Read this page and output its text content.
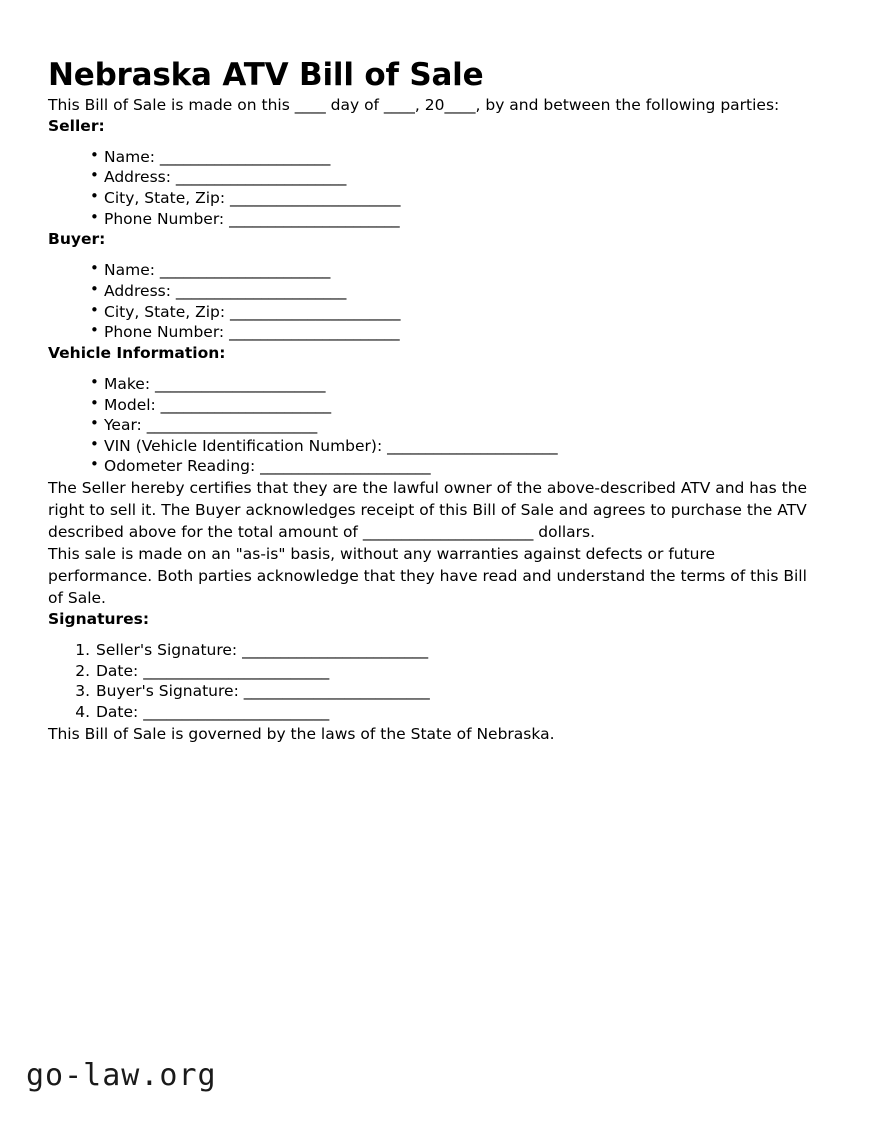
Nebraska ATV Bill of Sale

This Bill of Sale is made on this ____ day of ____, 20____, by and between the following parties:

Seller:
• Name: ______________________
• Address: ______________________
• City, State, Zip: ______________________
• Phone Number: ______________________
Buyer:
• Name: ______________________
• Address: ______________________
• City, State, Zip: ______________________
• Phone Number: ______________________
Vehicle Information:
• Make: ______________________
• Model: ______________________
• Year: ______________________
• VIN (Vehicle Identification Number): ______________________
• Odometer Reading: ______________________

The Seller hereby certifies that they are the lawful owner of the above-described ATV and has the right to sell it. The Buyer acknowledges receipt of this Bill of Sale and agrees to purchase the ATV described above for the total amount of ______________________ dollars.

This sale is made on an "as-is" basis, without any warranties against defects or future performance. Both parties acknowledge that they have read and understand the terms of this Bill of Sale.

Signatures:
Seller's Signature: ________________________
Date: ________________________
Buyer's Signature: ________________________
Date: ________________________

This Bill of Sale is governed by the laws of the State of Nebraska.

go-law.org
